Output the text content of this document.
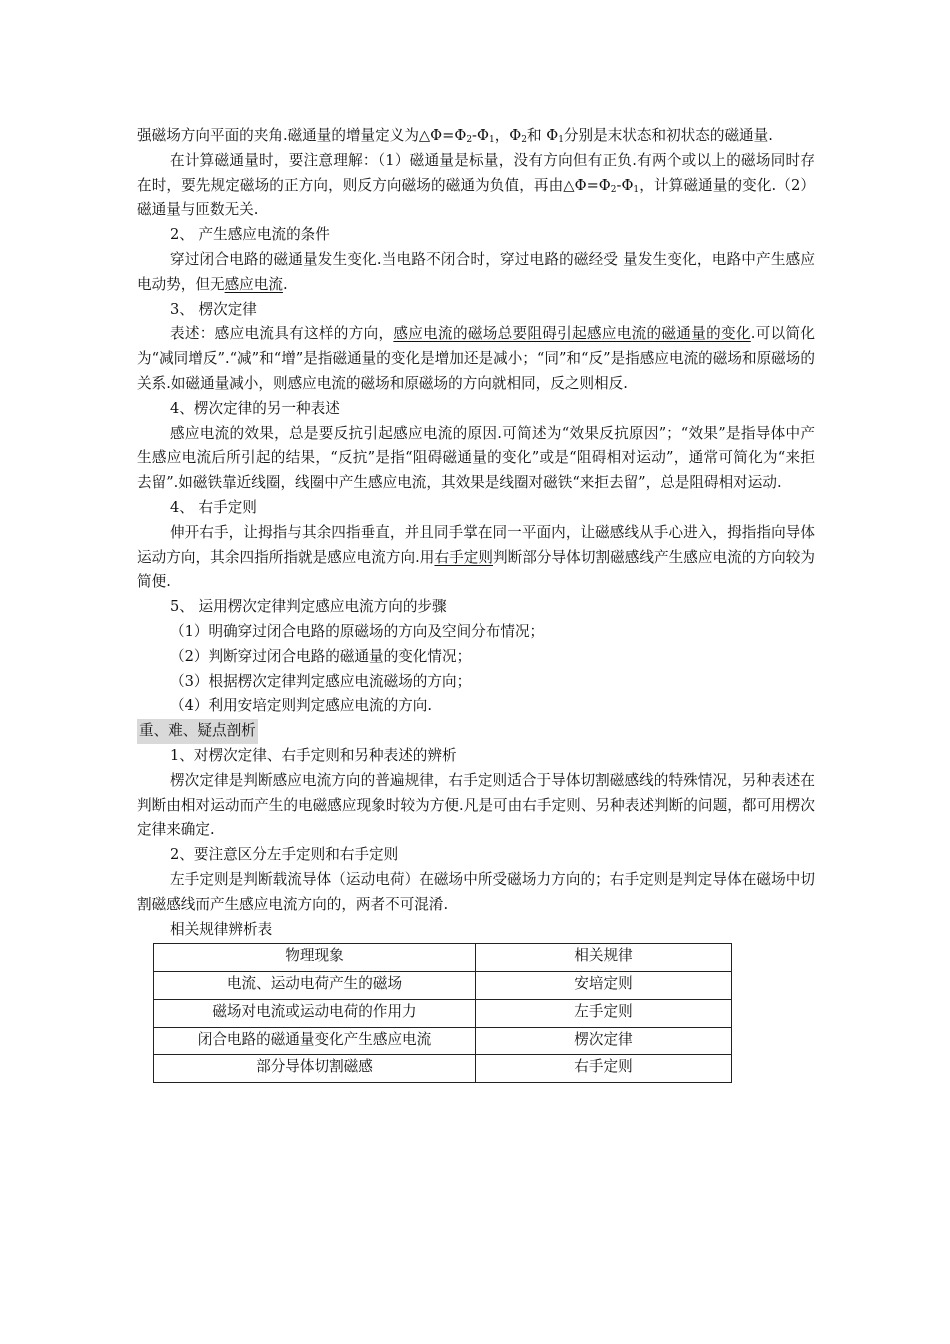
强磁场方向平面的夹角.磁通量的增量定义为$\triangle\Phi=\Phi_2-\Phi_1$，$\Phi_2$和 $\Phi_1$分别是末状态和初状态的磁通量.

在计算磁通量时，要注意理解：（1）磁通量是标量，没有方向但有正负.有两个或以上的磁场同时存在时，要先规定磁场的正方向，则反方向磁场的磁通为负值，再由$\triangle\Phi=\Phi_2-\Phi_1$，计算磁通量的变化.（2）磁通量与匝数无关.

2、 产生感应电流的条件

穿过闭合电路的磁通量发生变化.当电路不闭合时，穿过电路的磁经受 量发生变化，电路中产生感应电动势，但无感应电流.

3、 楞次定律

表述：感应电流具有这样的方向，感应电流的磁场总要阻碍引起感应电流的磁通量的变化.可以简化为“减同增反”.“减”和“增”是指磁通量的变化是增加还是减小；“同”和“反”是指感应电流的磁场和原磁场的关系.如磁通量减小，则感应电流的磁场和原磁场的方向就相同，反之则相反.

4、楞次定律的另一种表述

感应电流的效果，总是要反抗引起感应电流的原因.可简述为“效果反抗原因”；“效果”是指导体中产生感应电流后所引起的结果，“反抗”是指“阻碍磁通量的变化”或是“阻碍相对运动”，通常可简化为“来拒去留”.如磁铁靠近线圈，线圈中产生感应电流，其效果是线圈对磁铁“来拒去留”，总是阻碍相对运动.

4、 右手定则

伸开右手，让拇指与其余四指垂直，并且同手掌在同一平面内，让磁感线从手心进入，拇指指向导体运动方向，其余四指所指就是感应电流方向.用右手定则判断部分导体切割磁感线产生感应电流的方向较为简便.

5、 运用楞次定律判定感应电流方向的步骤

（1）明确穿过闭合电路的原磁场的方向及空间分布情况；

（2）判断穿过闭合电路的磁通量的变化情况；

（3）根据楞次定律判定感应电流磁场的方向；

（4）利用安培定则判定感应电流的方向.

重、难、疑点剖析

1、对楞次定律、右手定则和另种表述的辨析

楞次定律是判断感应电流方向的普遍规律，右手定则适合于导体切割磁感线的特殊情况，另种表述在判断由相对运动而产生的电磁感应现象时较为方便.凡是可由右手定则、另种表述判断的问题，都可用楞次定律来确定.

2、要注意区分左手定则和右手定则

左手定则是判断载流导体（运动电荷）在磁场中所受磁场力方向的；右手定则是判定导体在磁场中切割磁感线而产生感应电流方向的，两者不可混淆.

相关规律辨析表

物理现象	相关规律
电流、运动电荷产生的磁场	安培定则
磁场对电流或运动电荷的作用力	左手定则
闭合电路的磁通量变化产生感应电流	楞次定律
部分导体切割磁感	右手定则
